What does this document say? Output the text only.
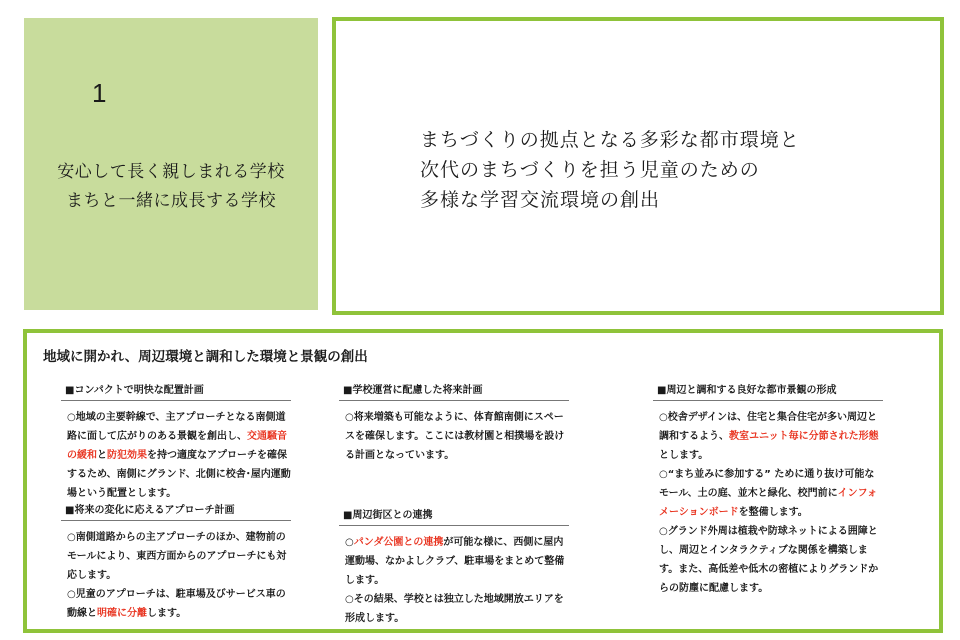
1
安心して長く親しまれる学校
まちと一緒に成長する学校
まちづくりの拠点となる多彩な都市環境と
次代のまちづくりを担う児童のための
多様な学習交流環境の創出
地域に開かれ、周辺環境と調和した環境と景観の創出
■コンパクトで明快な配置計画
○地域の主要幹線で、主アプローチとなる南側道路に面して広がりのある景観を創出し、交通騒音の緩和と防犯効果を持つ適度なアプローチを確保するため、南側にグランド、北側に校舎･屋内運動場という配置とします。
■将来の変化に応えるアプローチ計画
○南側道路からの主アプローチのほか、建物前のモールにより、東西方面からのアプローチにも対応します。
○児童のアプローチは、駐車場及びサービス車の動線と明確に分離します。
■学校運営に配慮した将来計画
○将来増築も可能なように、体育館南側にスペースを確保します。ここには教材園と相撲場を設ける計画となっています。
■周辺街区との連携
○パンダ公園との連携が可能な様に、西側に屋内運動場、なかよしクラブ、駐車場をまとめて整備します。
○その結果、学校とは独立した地域開放エリアを形成します。
■周辺と調和する良好な都市景観の形成
○校舎デザインは、住宅と集合住宅が多い周辺と調和するよう、教室ユニット毎に分節された形態とします。
○“まち並みに参加する” ために通り抜け可能なモール、土の庭、並木と緑化、校門前にインフォメーションボードを整備します。
○グランド外周は植栽や防球ネットによる囲障とし、周辺とインタラクティブな関係を構築します。また、高低差や低木の密植によりグランドからの防塵に配慮します。
